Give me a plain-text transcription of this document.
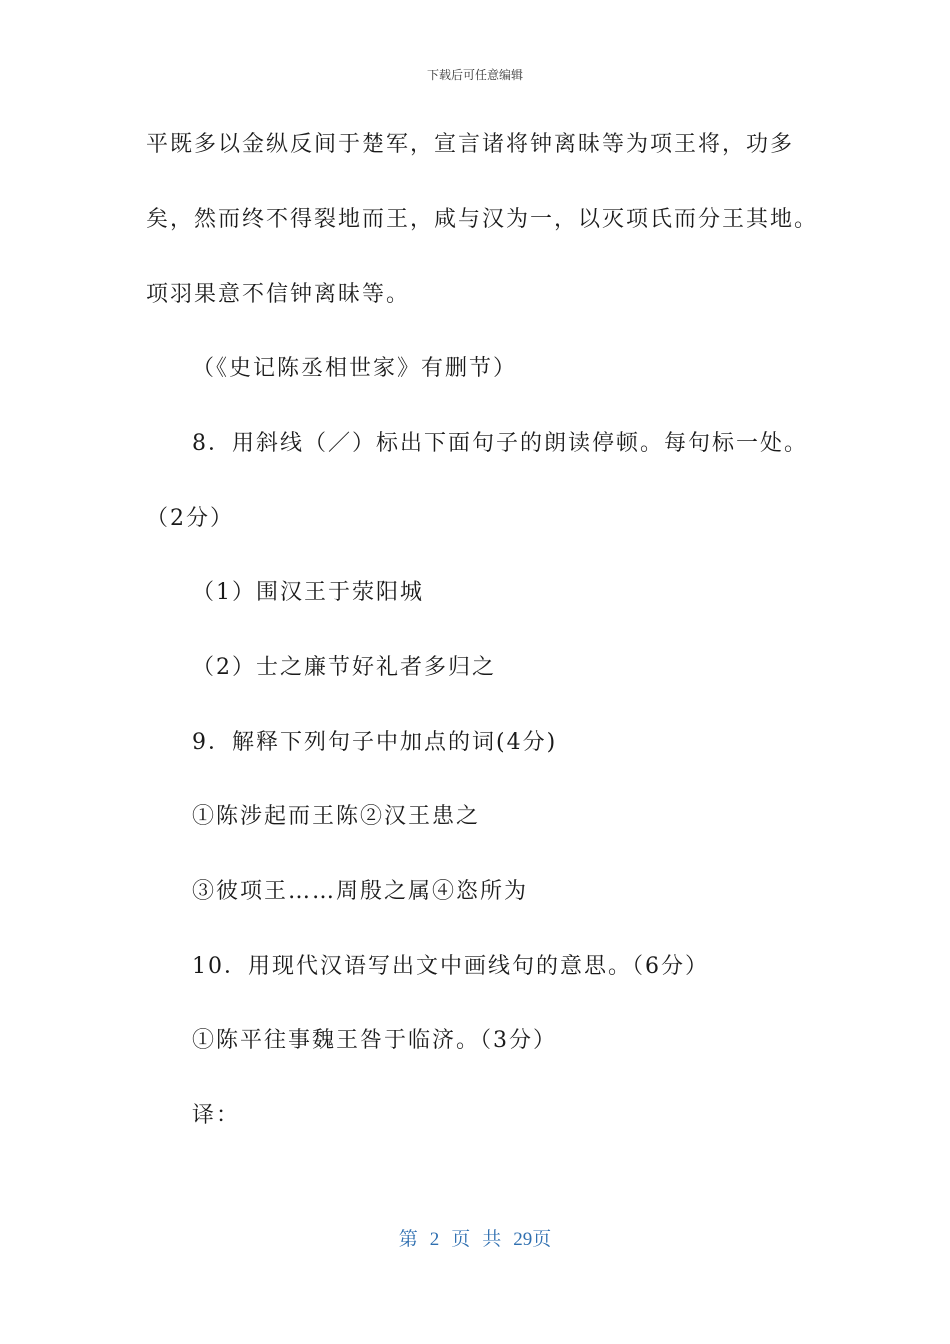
下载后可任意编辑
平既多以金纵反间于楚军，宣言诸将钟离昧等为项王将，功多
矣，然而终不得裂地而王，咸与汉为一，以灭项氏而分王其地。
项羽果意不信钟离昧等。
（《史记陈丞相世家》有删节）
8．用斜线（／）标出下面句子的朗读停顿。每句标一处。
（2分）
（1）围汉王于荥阳城
（2）士之廉节好礼者多归之
9．解释下列句子中加点的词(4分)
①陈涉起而王陈②汉王患之
③彼项王……周殷之属④恣所为
10．用现代汉语写出文中画线句的意思。（6分）
①陈平往事魏王咎于临济。（3分）
译：
第 2 页 共 29页
